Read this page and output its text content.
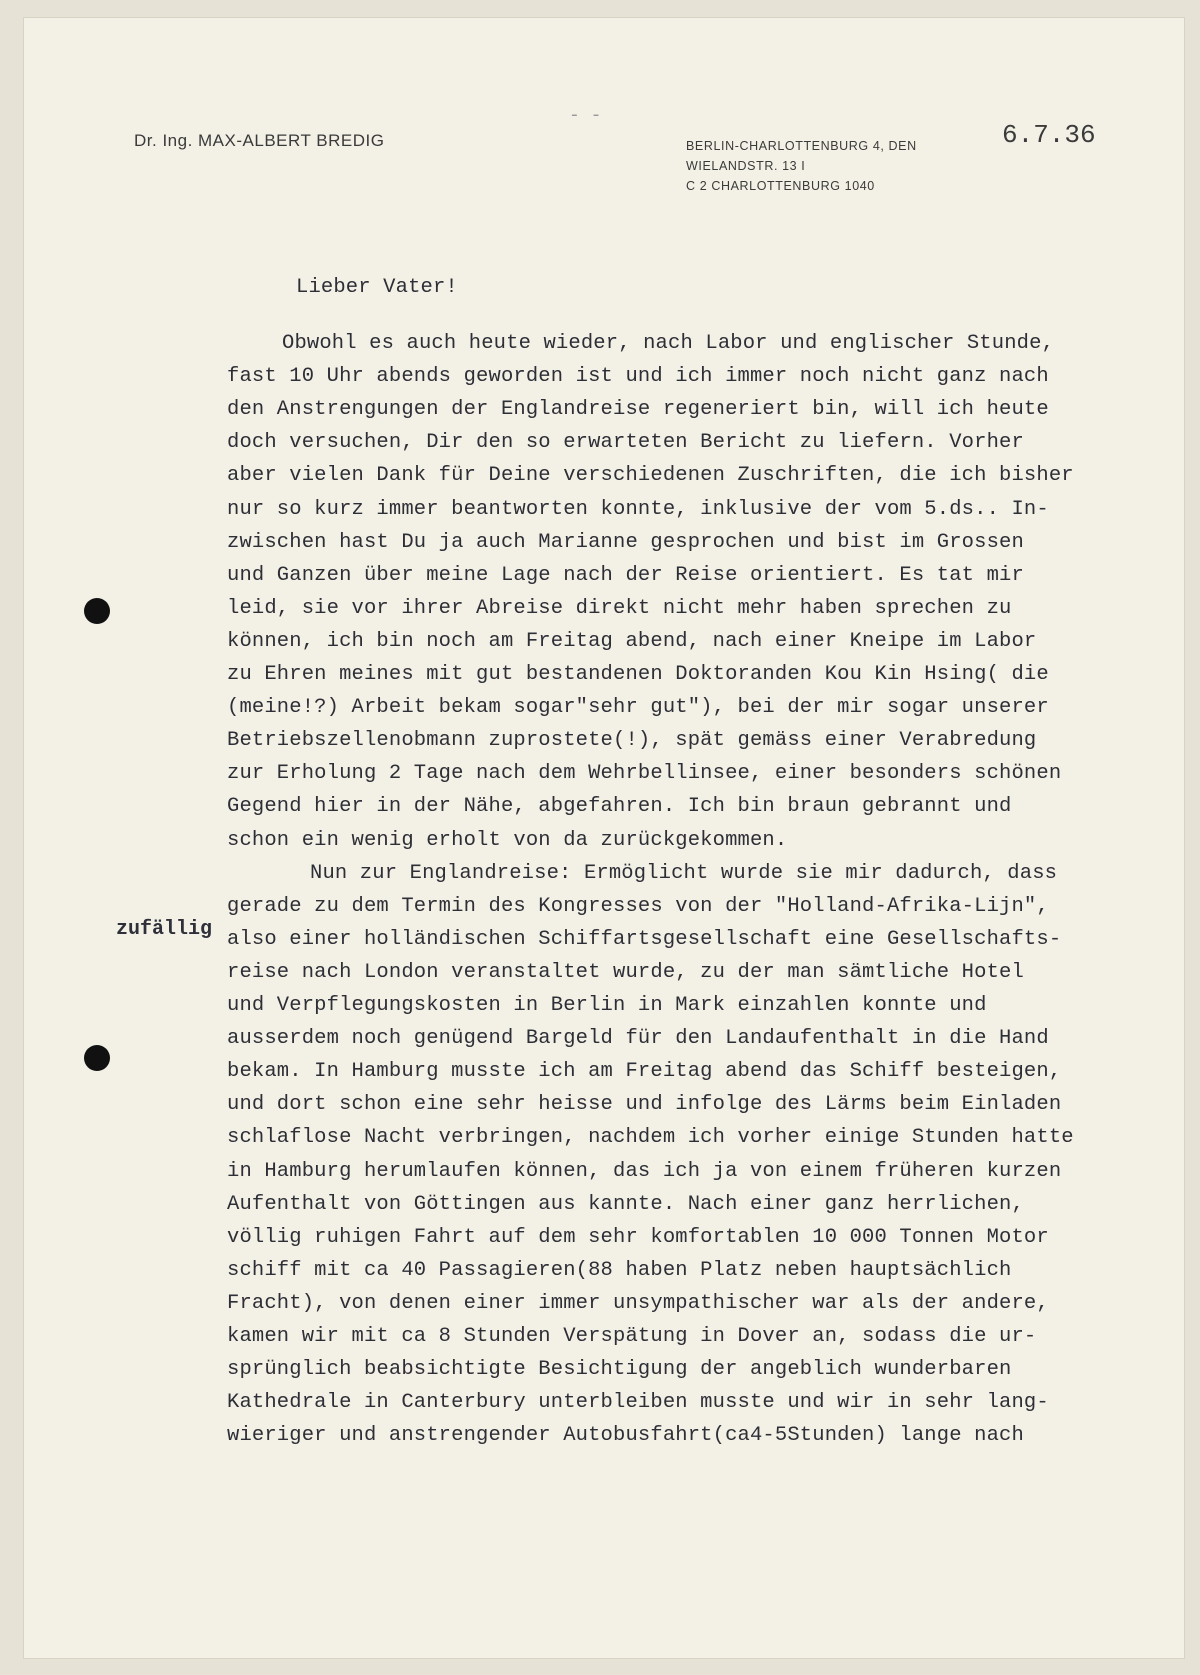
- -
Dr. Ing. MAX-ALBERT BREDIG	BERLIN-CHARLOTTENBURG 4, DEN
WIELANDSTR. 13 I
C 2 CHARLOTTENBURG 1040
6.7.36
Lieber Vater!
zufällig
Obwohl es auch heute wieder, nach Labor und englischer Stunde,
fast 10 Uhr abends geworden ist und ich immer noch nicht ganz nach
den Anstrengungen der Englandreise regeneriert bin, will ich heute
doch versuchen, Dir den so erwarteten Bericht zu liefern. Vorher
aber vielen Dank für Deine verschiedenen Zuschriften, die ich bisher
nur so kurz immer beantworten konnte, inklusive der vom 5.ds.. In-
zwischen hast Du ja auch Marianne gesprochen und bist im Grossen
und Ganzen über meine Lage nach der Reise orientiert. Es tat mir
leid, sie vor ihrer Abreise direkt nicht mehr haben sprechen zu
können, ich bin noch am Freitag abend, nach einer Kneipe im Labor
zu Ehren meines mit gut bestandenen Doktoranden Kou Kin Hsing( die
(meine!?) Arbeit bekam sogar"sehr gut"), bei der mir sogar unserer
Betriebszellenobmann zuprostete(!), spät gemäss einer Verabredung
zur Erholung 2 Tage nach dem Wehrbellinsee, einer besonders schönen
Gegend hier in der Nähe, abgefahren. Ich bin braun gebrannt und
schon ein wenig erholt von da zurückgekommen.
Nun zur Englandreise: Ermöglicht wurde sie mir dadurch, dass
gerade zu dem Termin des Kongresses von der "Holland-Afrika-Lijn",
also einer holländischen Schiffartsgesellschaft eine Gesellschafts-
reise nach London veranstaltet wurde, zu der man sämtliche Hotel
und Verpflegungskosten in Berlin in Mark einzahlen konnte und
ausserdem noch genügend Bargeld für den Landaufenthalt in die Hand
bekam. In Hamburg musste ich am Freitag abend das Schiff besteigen,
und dort schon eine sehr heisse und infolge des Lärms beim Einladen
schlaflose Nacht verbringen, nachdem ich vorher einige Stunden hatte
in Hamburg herumlaufen können, das ich ja von einem früheren kurzen
Aufenthalt von Göttingen aus kannte. Nach einer ganz herrlichen,
völlig ruhigen Fahrt auf dem sehr komfortablen 10 000 Tonnen Motor
schiff mit ca 40 Passagieren(88 haben Platz neben hauptsächlich
Fracht), von denen einer immer unsympathischer war als der andere,
kamen wir mit ca 8 Stunden Verspätung in Dover an, sodass die ur-
sprünglich beabsichtigte Besichtigung der angeblich wunderbaren
Kathedrale in Canterbury unterbleiben musste und wir in sehr lang-
wieriger und anstrengender Autobusfahrt(ca4-5Stunden) lange nach
